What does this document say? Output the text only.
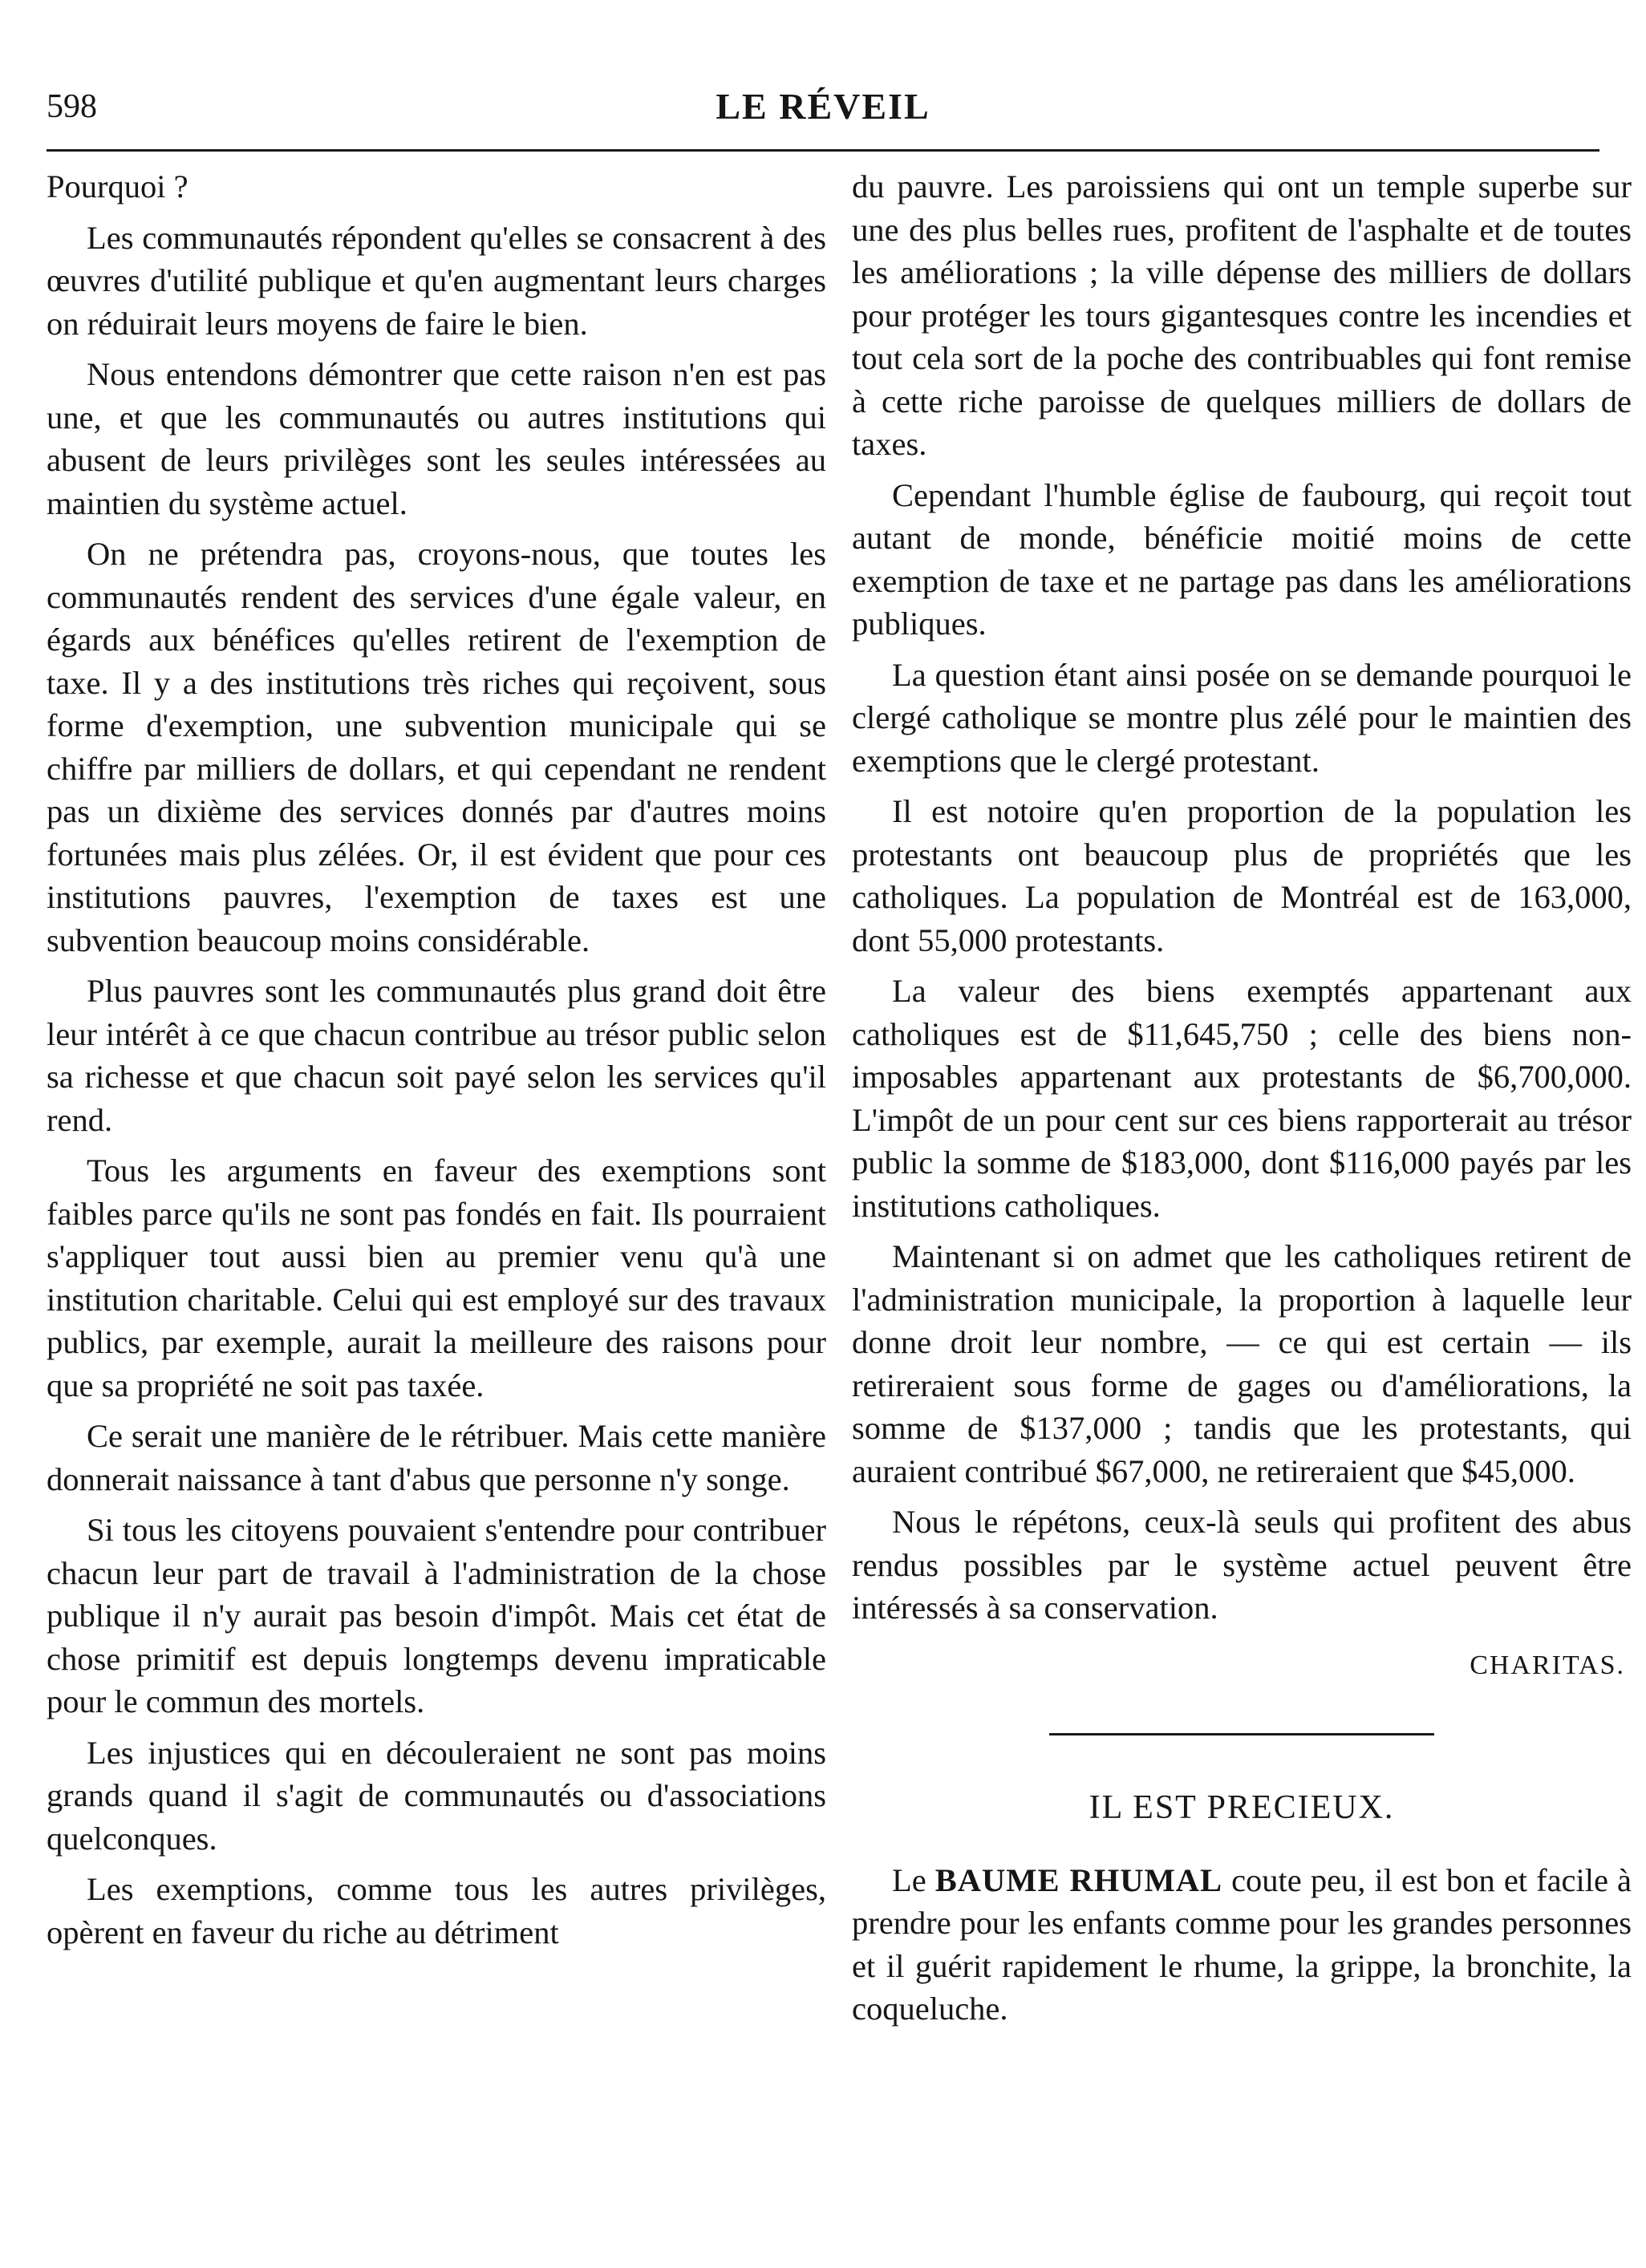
598	LE RÉVEIL

Pourquoi ?

Les communautés répondent qu'elles se consacrent à des œuvres d'utilité publique et qu'en augmentant leurs charges on réduirait leurs moyens de faire le bien.

Nous entendons démontrer que cette raison n'en est pas une, et que les communautés ou autres institutions qui abusent de leurs privilèges sont les seules intéressées au maintien du système actuel.

On ne prétendra pas, croyons-nous, que toutes les communautés rendent des services d'une égale valeur, en égards aux bénéfices qu'elles retirent de l'exemption de taxe. Il y a des institutions très riches qui reçoivent, sous forme d'exemption, une subvention municipale qui se chiffre par milliers de dollars, et qui cependant ne rendent pas un dixième des services donnés par d'autres moins fortunées mais plus zélées. Or, il est évident que pour ces institutions pauvres, l'exemption de taxes est une subvention beaucoup moins considérable.

Plus pauvres sont les communautés plus grand doit être leur intérêt à ce que chacun contribue au trésor public selon sa richesse et que chacun soit payé selon les services qu'il rend.

Tous les arguments en faveur des exemptions sont faibles parce qu'ils ne sont pas fondés en fait. Ils pourraient s'appliquer tout aussi bien au premier venu qu'à une institution charitable. Celui qui est employé sur des travaux publics, par exemple, aurait la meilleure des raisons pour que sa propriété ne soit pas taxée.

Ce serait une manière de le rétribuer. Mais cette manière donnerait naissance à tant d'abus que personne n'y songe.

Si tous les citoyens pouvaient s'entendre pour contribuer chacun leur part de travail à l'administration de la chose publique il n'y aurait pas besoin d'impôt. Mais cet état de chose primitif est depuis longtemps devenu impraticable pour le commun des mortels.

Les injustices qui en découleraient ne sont pas moins grands quand il s'agit de communautés ou d'associations quelconques.

Les exemptions, comme tous les autres privilèges, opèrent en faveur du riche au détriment

du pauvre. Les paroissiens qui ont un temple superbe sur une des plus belles rues, profitent de l'asphalte et de toutes les améliorations ; la ville dépense des milliers de dollars pour protéger les tours gigantesques contre les incendies et tout cela sort de la poche des contribuables qui font remise à cette riche paroisse de quelques milliers de dollars de taxes.

Cependant l'humble église de faubourg, qui reçoit tout autant de monde, bénéficie moitié moins de cette exemption de taxe et ne partage pas dans les améliorations publiques.

La question étant ainsi posée on se demande pourquoi le clergé catholique se montre plus zélé pour le maintien des exemptions que le clergé protestant.

Il est notoire qu'en proportion de la population les protestants ont beaucoup plus de propriétés que les catholiques. La population de Montréal est de 163,000, dont 55,000 protestants.

La valeur des biens exemptés appartenant aux catholiques est de $11,645,750 ; celle des biens non-imposables appartenant aux protestants de $6,700,000. L'impôt de un pour cent sur ces biens rapporterait au trésor public la somme de $183,000, dont $116,000 payés par les institutions catholiques.

Maintenant si on admet que les catholiques retirent de l'administration municipale, la proportion à laquelle leur donne droit leur nombre, — ce qui est certain — ils retireraient sous forme de gages ou d'améliorations, la somme de $137,000 ; tandis que les protestants, qui auraient contribué $67,000, ne retireraient que $45,000.

Nous le répétons, ceux-là seuls qui profitent des abus rendus possibles par le système actuel peuvent être intéressés à sa conservation.

CHARITAS.

IL EST PRECIEUX.

Le BAUME RHUMAL coute peu, il est bon et facile à prendre pour les enfants comme pour les grandes personnes et il guérit rapidement le rhume, la grippe, la bronchite, la coqueluche.
